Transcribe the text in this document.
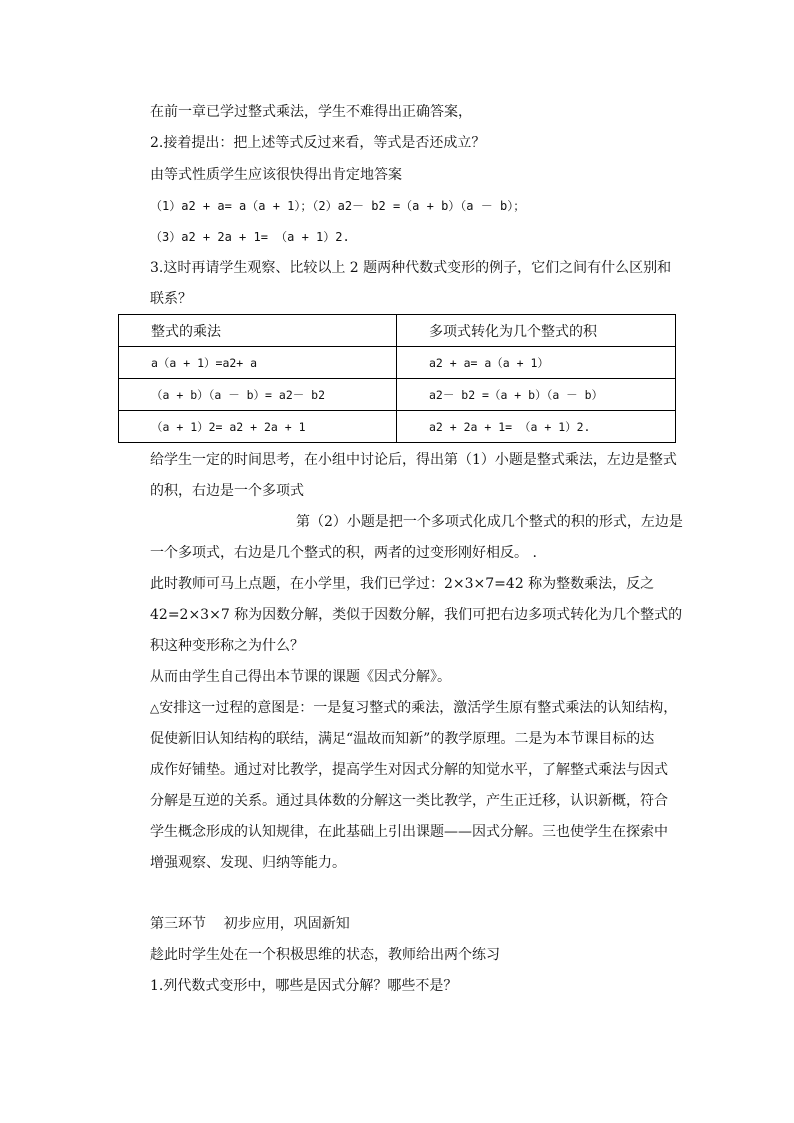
在前一章已学过整式乘法，学生不难得出正确答案，
2.接着提出：把上述等式反过来看，等式是否还成立？
由等式性质学生应该很快得出肯定地答案
（1）a2 + a= a（a + 1）；（2）a2－ b2 =（a + b）（a － b）；
（3）a2 + 2a + 1= （a + 1）2.
3.这时再请学生观察、比较以上 2 题两种代数式变形的例子，它们之间有什么区别和
联系？
整式的乘法	多项式转化为几个整式的积
a（a + 1）=a2+ a	a2 + a= a（a + 1）
（a + b）（a － b）= a2－ b2	a2－ b2 =（a + b）（a － b）
（a + 1）2= a2 + 2a + 1	a2 + 2a + 1= （a + 1）2.
给学生一定的时间思考，在小组中讨论后，得出第（1）小题是整式乘法，左边是整式
的积，右边是一个多项式
第（2）小题是把一个多项式化成几个整式的积的形式，左边是
一个多项式，右边是几个整式的积，两者的过变形刚好相反。 .
此时教师可马上点题，在小学里，我们已学过：2×3×7=42 称为整数乘法，反之
42=2×3×7 称为因数分解，类似于因数分解，我们可把右边多项式转化为几个整式的
积这种变形称之为什么？
从而由学生自己得出本节课的课题《因式分解》。
△安排这一过程的意图是：一是复习整式的乘法，激活学生原有整式乘法的认知结构，
促使新旧认知结构的联结，满足“温故而知新”的教学原理。二是为本节课目标的达
成作好铺垫。通过对比教学，提高学生对因式分解的知觉水平，了解整式乘法与因式
分解是互逆的关系。通过具体数的分解这一类比教学，产生正迁移，认识新概，符合
学生概念形成的认知规律，在此基础上引出课题——因式分解。三也使学生在探索中
增强观察、发现、归纳等能力。
第三环节    初步应用，巩固新知
趁此时学生处在一个积极思维的状态，教师给出两个练习
1.列代数式变形中，哪些是因式分解？哪些不是？
